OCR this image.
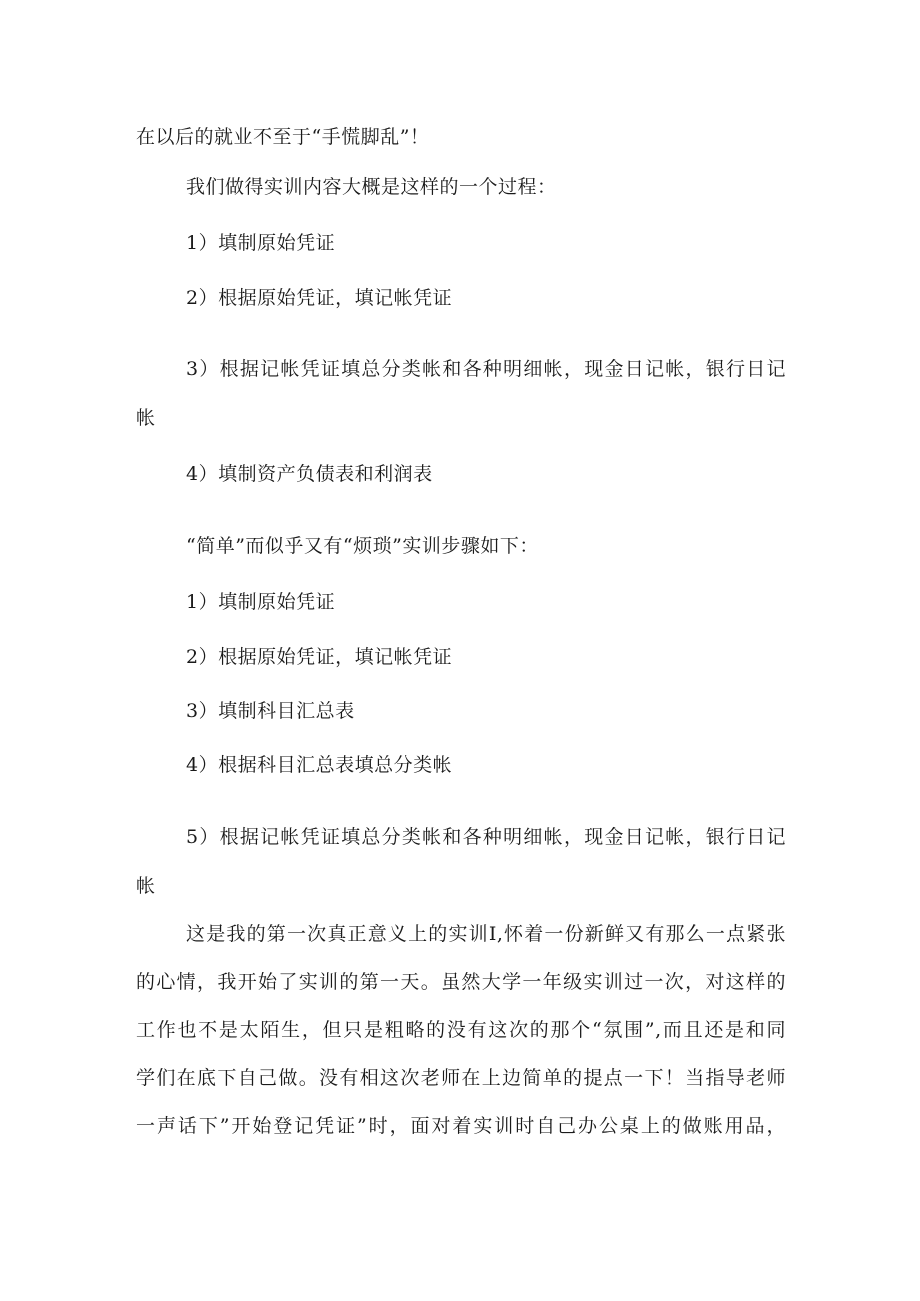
在以后的就业不至于“手慌脚乱”！
我们做得实训内容大概是这样的一个过程：
1）填制原始凭证
2）根据原始凭证，填记帐凭证
3）根据记帐凭证填总分类帐和各种明细帐，现金日记帐，银行日记
帐
4）填制资产负债表和利润表
“简单”而似乎又有“烦琐”实训步骤如下：
1）填制原始凭证
2）根据原始凭证，填记帐凭证
3）填制科目汇总表
4）根据科目汇总表填总分类帐
5）根据记帐凭证填总分类帐和各种明细帐，现金日记帐，银行日记
帐
这是我的第一次真正意义上的实训I,怀着一份新鲜又有那么一点紧张
的心情，我开始了实训的第一天。虽然大学一年级实训过一次，对这样的
工作也不是太陌生，但只是粗略的没有这次的那个“氛围”,而且还是和同
学们在底下自己做。没有相这次老师在上边简单的提点一下！当指导老师
一声话下”开始登记凭证”时，面对着实训时自己办公桌上的做账用品，
